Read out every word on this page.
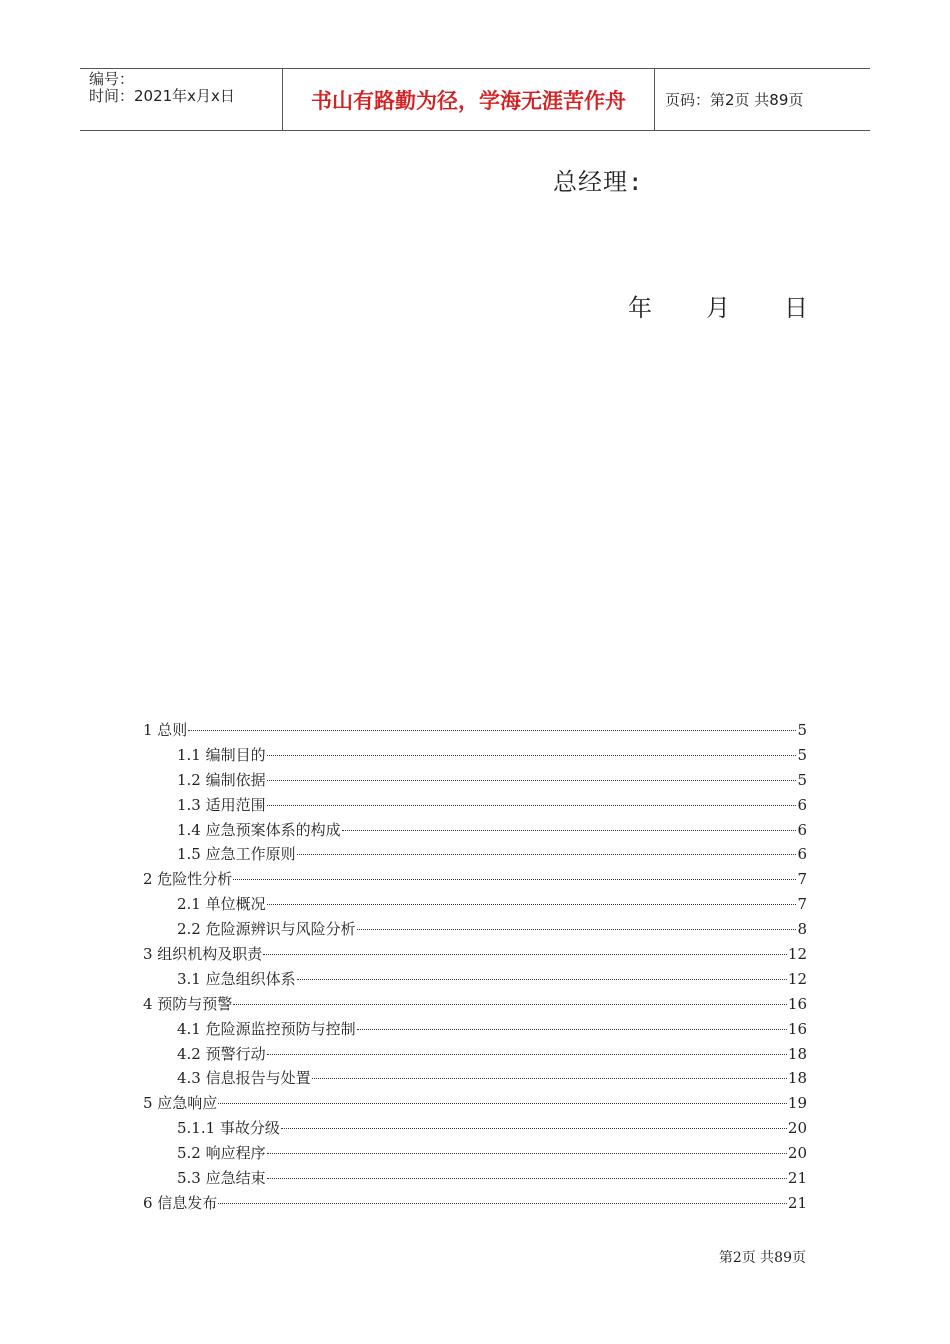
编号：
时间：2021年x月x日	书山有路勤为径，学海无涯苦作舟	页码：第2页 共89页
总经理:
年 月 日
1 总则	5
1.1 编制目的	5
1.2 编制依据	5
1.3 适用范围	6
1.4 应急预案体系的构成	6
1.5 应急工作原则	6
2 危险性分析	7
2.1 单位概况	7
2.2 危险源辨识与风险分析	8
3 组织机构及职责	12
3.1 应急组织体系	12
4 预防与预警	16
4.1 危险源监控预防与控制	16
4.2 预警行动	18
4.3 信息报告与处置	18
5 应急响应	19
5.1.1 事故分级	20
5.2 响应程序	20
5.3 应急结束	21
6 信息发布	21
第2页 共89页
